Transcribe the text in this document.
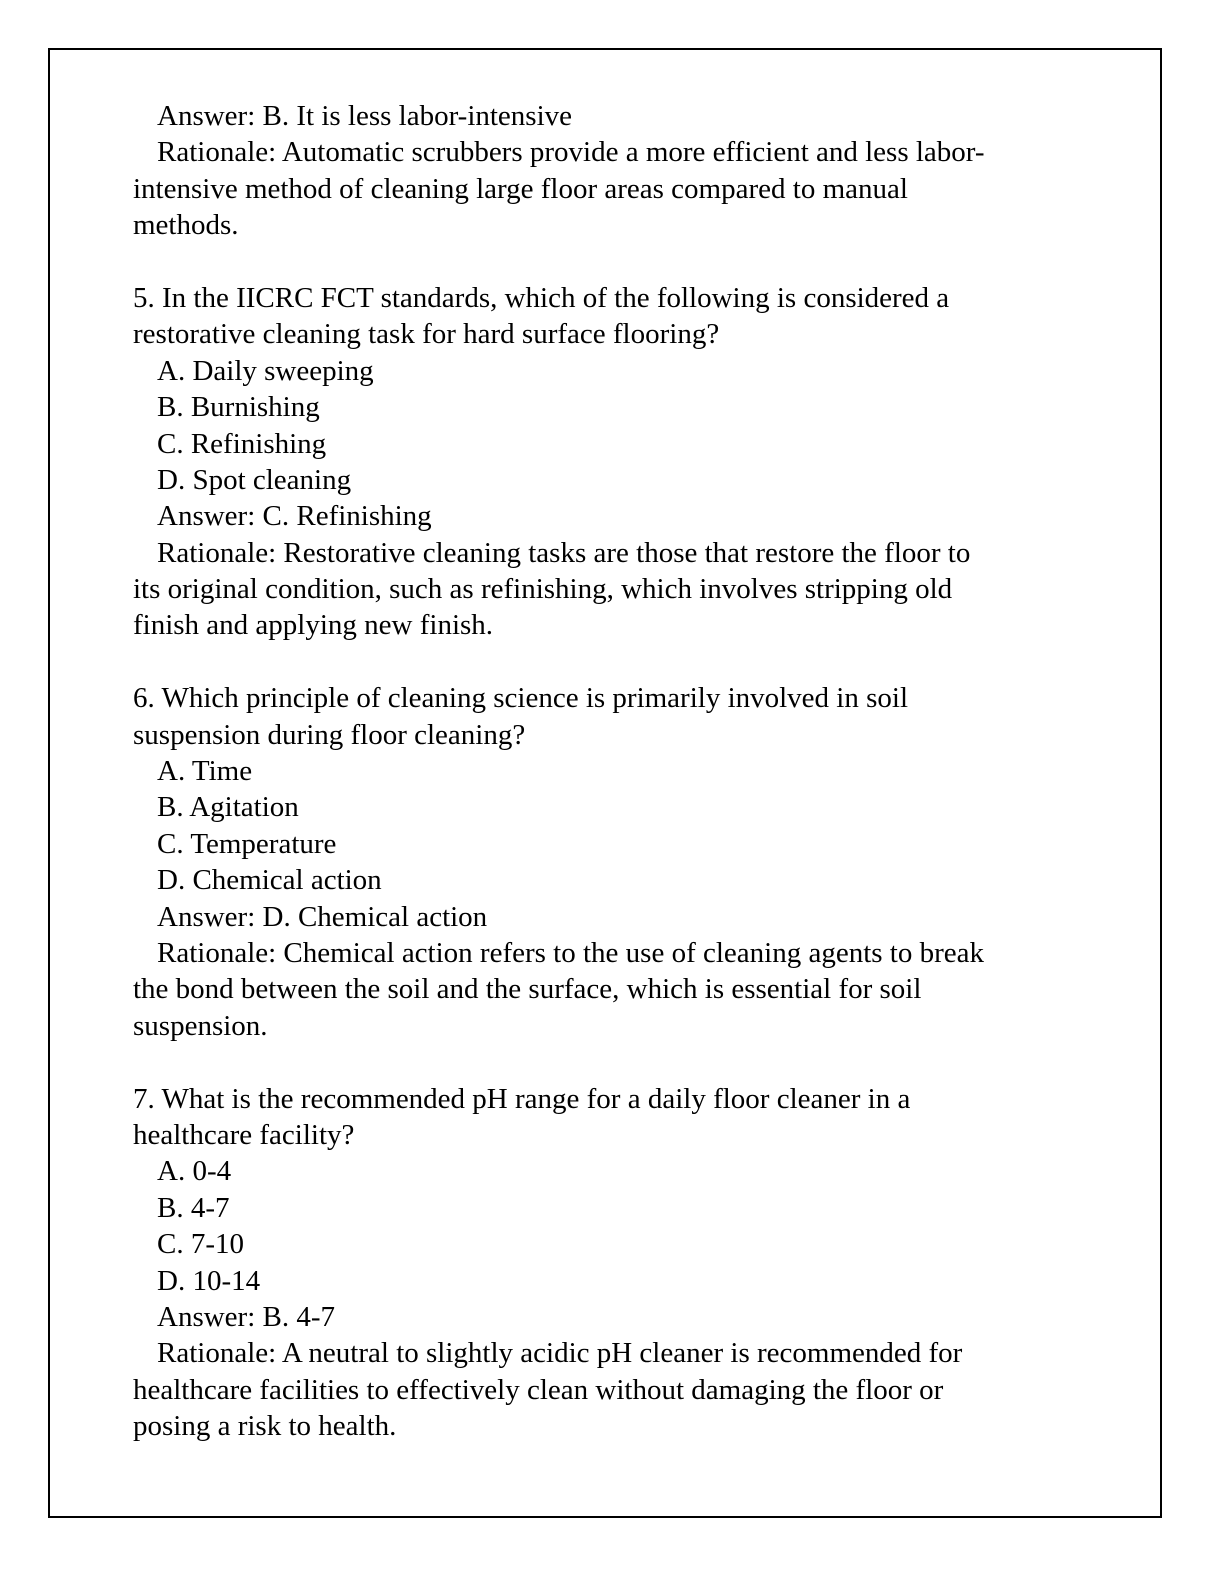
Answer: B. It is less labor-intensive
Rationale: Automatic scrubbers provide a more efficient and less labor-
intensive method of cleaning large floor areas compared to manual
methods.
5. In the IICRC FCT standards, which of the following is considered a
restorative cleaning task for hard surface flooring?
A. Daily sweeping
B. Burnishing
C. Refinishing
D. Spot cleaning
Answer: C. Refinishing
Rationale: Restorative cleaning tasks are those that restore the floor to
its original condition, such as refinishing, which involves stripping old
finish and applying new finish.
6. Which principle of cleaning science is primarily involved in soil
suspension during floor cleaning?
A. Time
B. Agitation
C. Temperature
D. Chemical action
Answer: D. Chemical action
Rationale: Chemical action refers to the use of cleaning agents to break
the bond between the soil and the surface, which is essential for soil
suspension.
7. What is the recommended pH range for a daily floor cleaner in a
healthcare facility?
A. 0-4
B. 4-7
C. 7-10
D. 10-14
Answer: B. 4-7
Rationale: A neutral to slightly acidic pH cleaner is recommended for
healthcare facilities to effectively clean without damaging the floor or
posing a risk to health.
